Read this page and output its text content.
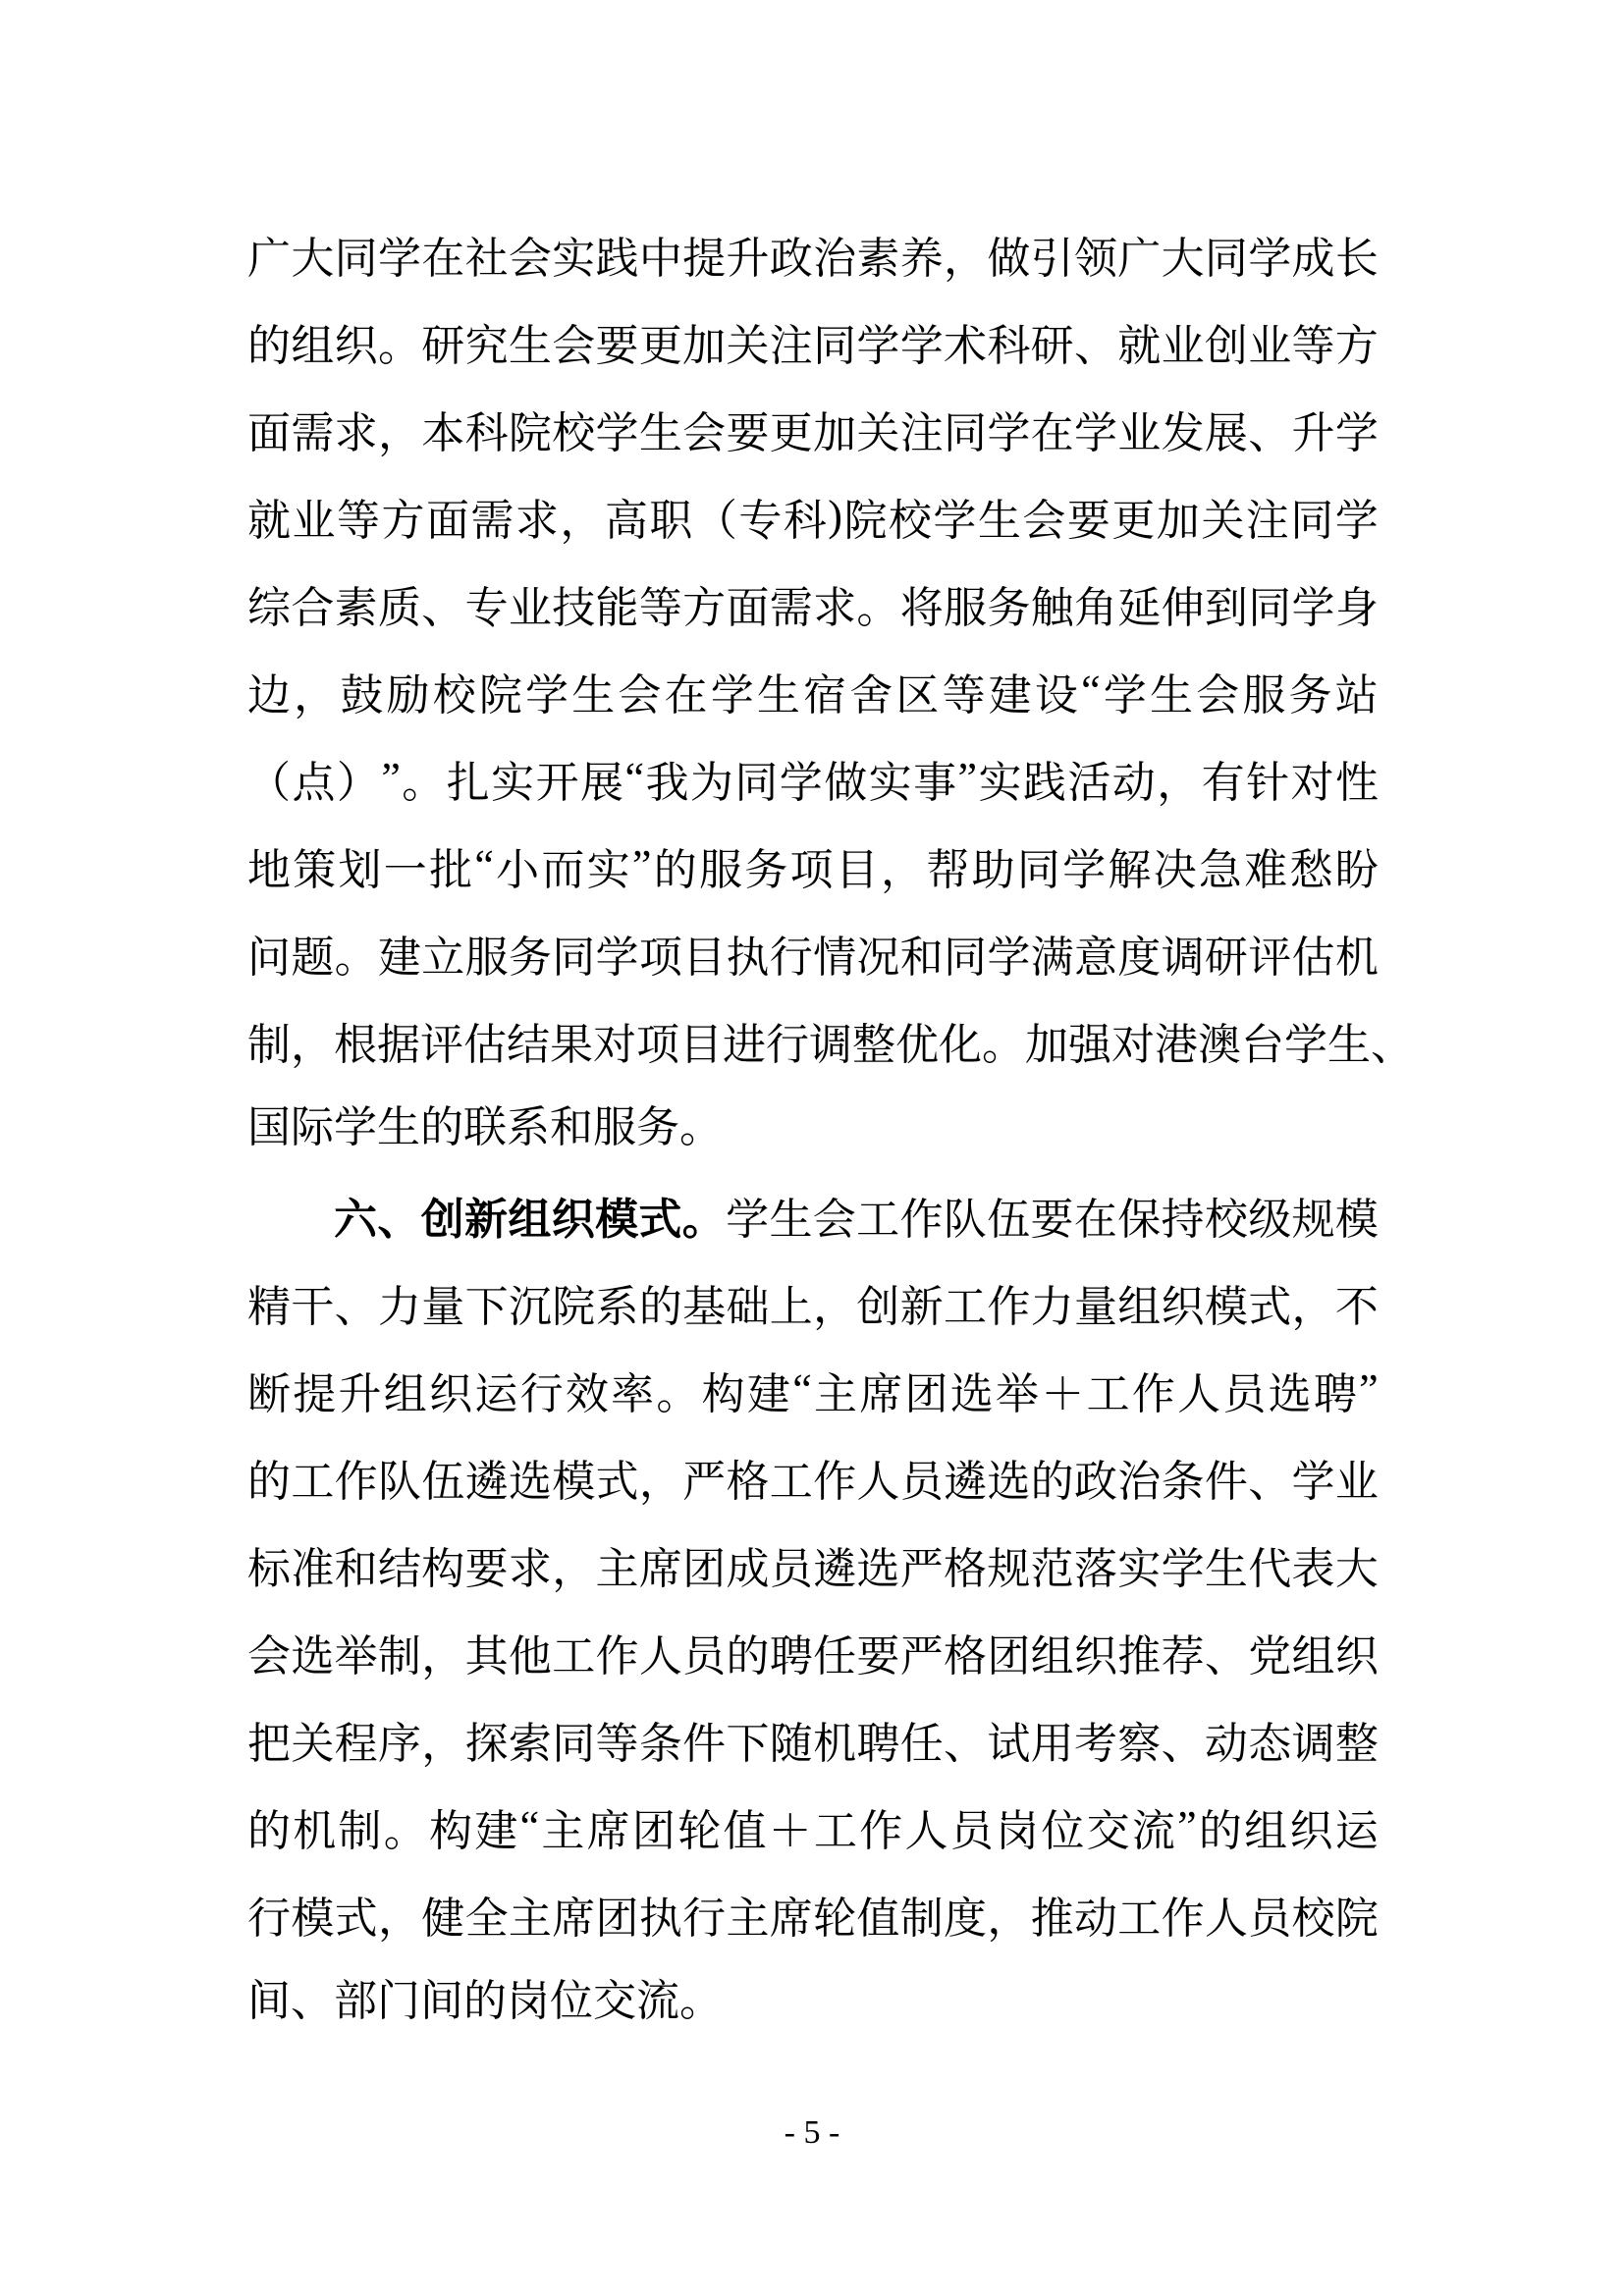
广 大 同 学 在 社 会 实 践 中 提 升 政 治 素 养 ， 做 引 领 广 大 同 学 成 长
的 组 织 。 研 究 生 会 要 更 加 关 注 同 学 学 术 科 研 、 就 业 创 业 等 方
面 需 求 ， 本 科 院 校 学 生 会 要 更 加 关 注 同 学 在 学 业 发 展 、 升 学
就 业 等 方 面 需 求 ， 高 职 （ 专 科 ) 院 校 学 生 会 要 更 加 关 注 同 学
综 合 素 质 、 专 业 技 能 等 方 面 需 求 。 将 服 务 触 角 延 伸 到 同 学 身
边 ， 鼓 励 校 院 学 生 会 在 学 生 宿 舍 区 等 建 设 “ 学 生 会 服 务 站
（ 点 ） ” 。 扎 实 开 展 “ 我 为 同 学 做 实 事 ” 实 践 活 动 ， 有 针 对 性
地 策 划 一 批 “ 小 而 实 ” 的 服 务 项 目 ， 帮 助 同 学 解 决 急 难 愁 盼
问 题 。 建 立 服 务 同 学 项 目 执 行 情 况 和 同 学 满 意 度 调 研 评 估 机
制 ， 根 据 评 估 结 果 对 项 目 进 行 调 整 优 化 。 加 强 对 港 澳 台 学 生 、
国际学生的联系和服务。
六 、 创 新 组 织 模 式 。 学 生 会 工 作 队 伍 要 在 保 持 校 级 规 模
精 干 、 力 量 下 沉 院 系 的 基 础 上 ， 创 新 工 作 力 量 组 织 模 式 ， 不
断 提 升 组 织 运 行 效 率 。 构 建 “ 主 席 团 选 举 ＋ 工 作 人 员 选 聘 ”
的 工 作 队 伍 遴 选 模 式 ， 严 格 工 作 人 员 遴 选 的 政 治 条 件 、 学 业
标 准 和 结 构 要 求 ， 主 席 团 成 员 遴 选 严 格 规 范 落 实 学 生 代 表 大
会 选 举 制 ， 其 他 工 作 人 员 的 聘 任 要 严 格 团 组 织 推 荐 、 党 组 织
把 关 程 序 ， 探 索 同 等 条 件 下 随 机 聘 任 、 试 用 考 察 、 动 态 调 整
的 机 制 。 构 建 “ 主 席 团 轮 值 ＋ 工 作 人 员 岗 位 交 流 ” 的 组 织 运
行 模 式 ， 健 全 主 席 团 执 行 主 席 轮 值 制 度 ， 推 动 工 作 人 员 校 院
间、部门间的岗位交流。
- 5 -
